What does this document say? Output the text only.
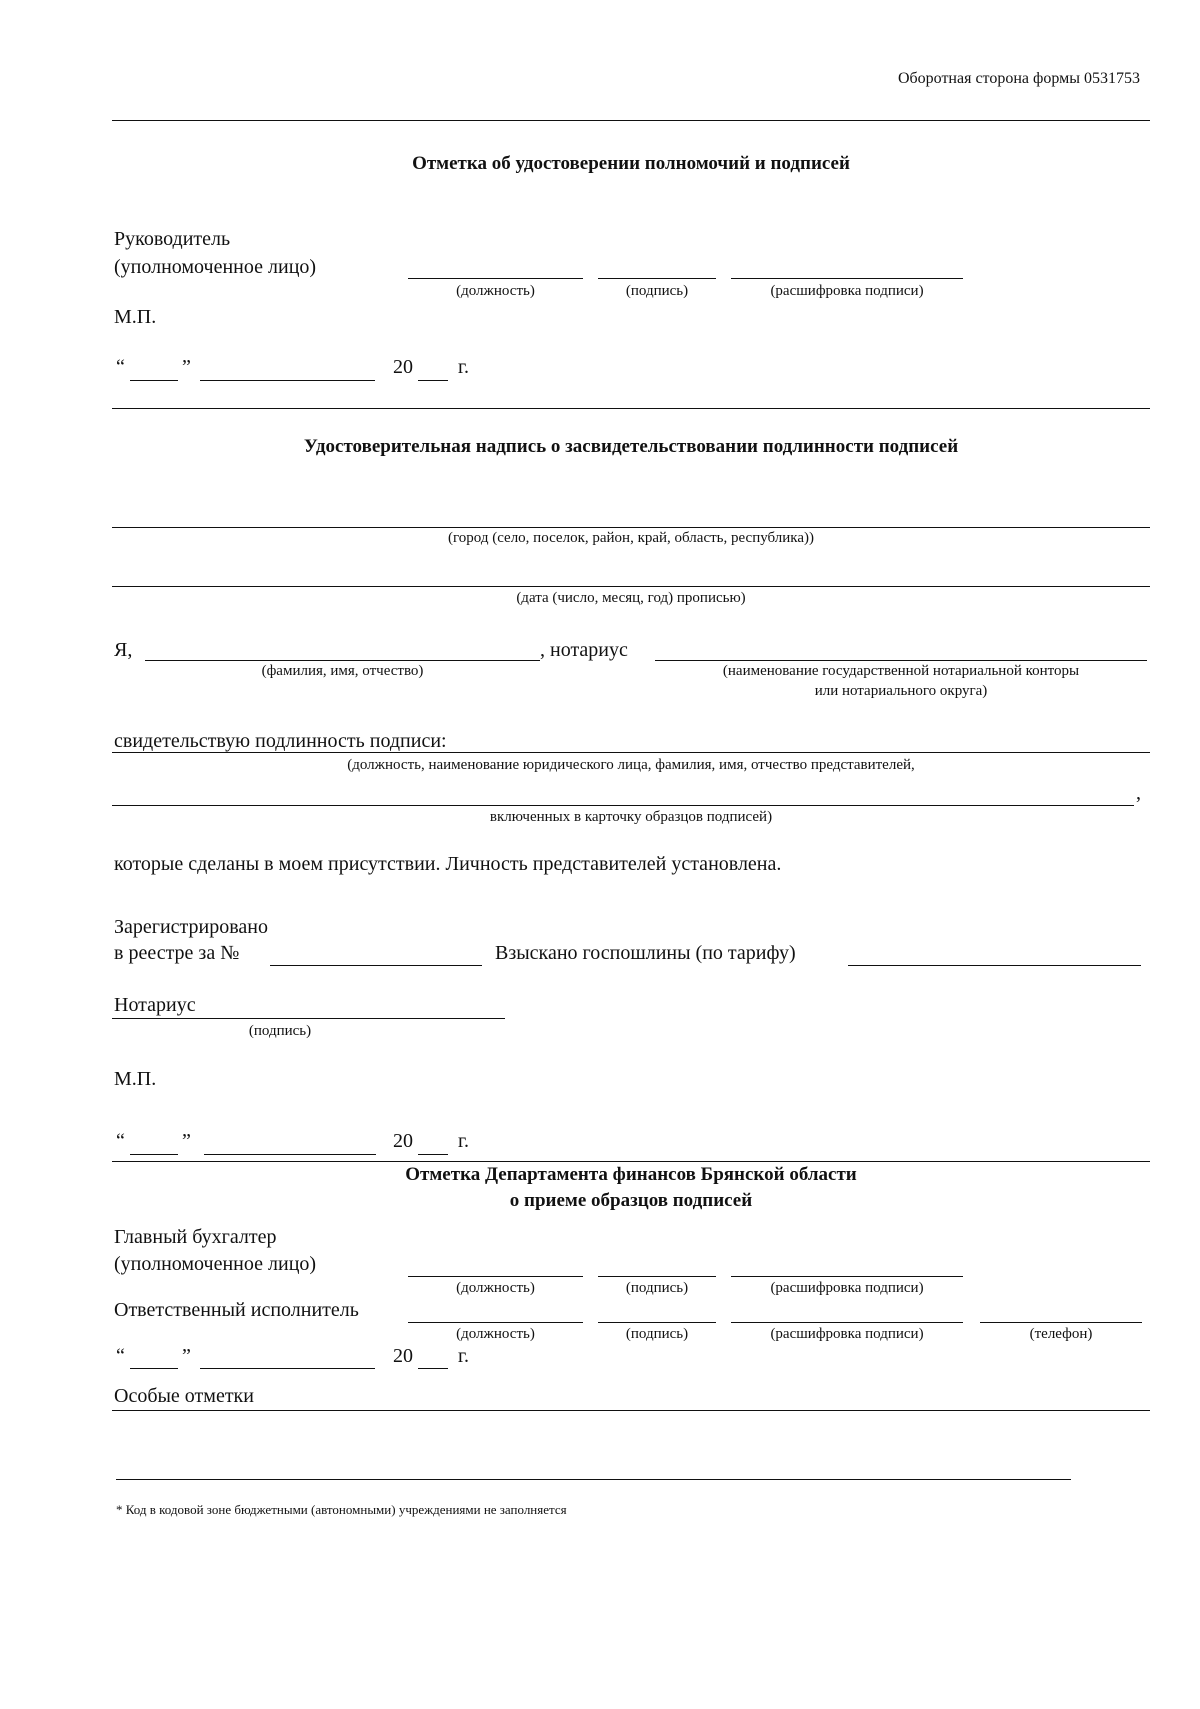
Оборотная сторона формы 0531753
Отметка об удостоверении полномочий и подписей
Руководитель
(уполномоченное лицо)
(должность)	(подпись)	(расшифровка подписи)
М.П.
“	”	20 г.
Удостоверительная надпись о засвидетельствовании подлинности подписей
(город (село, поселок, район, край, область, республика))
(дата (число, месяц, год) прописью)
Я,	, нотариус
(фамилия, имя, отчество)	(наименование государственной нотариальной конторы
или нотариального округа)
свидетельствую подлинность подписи:
(должность, наименование юридического лица, фамилия, имя, отчество представителей,
,
включенных в карточку образцов подписей)
которые сделаны в моем присутствии. Личность представителей установлена.
Зарегистрировано
в реестре за №	Взыскано госпошлины (по тарифу)
Нотариус
(подпись)
М.П.
“	”	20 г.
Отметка Департамента финансов Брянской области
о приеме образцов подписей
Главный бухгалтер
(уполномоченное лицо)
(должность)	(подпись)	(расшифровка подписи)
Ответственный исполнитель
(должность)	(подпись)	(расшифровка подписи)	(телефон)
“	”	20 г.
Особые отметки
* Код в кодовой зоне бюджетными (автономными) учреждениями не заполняется
